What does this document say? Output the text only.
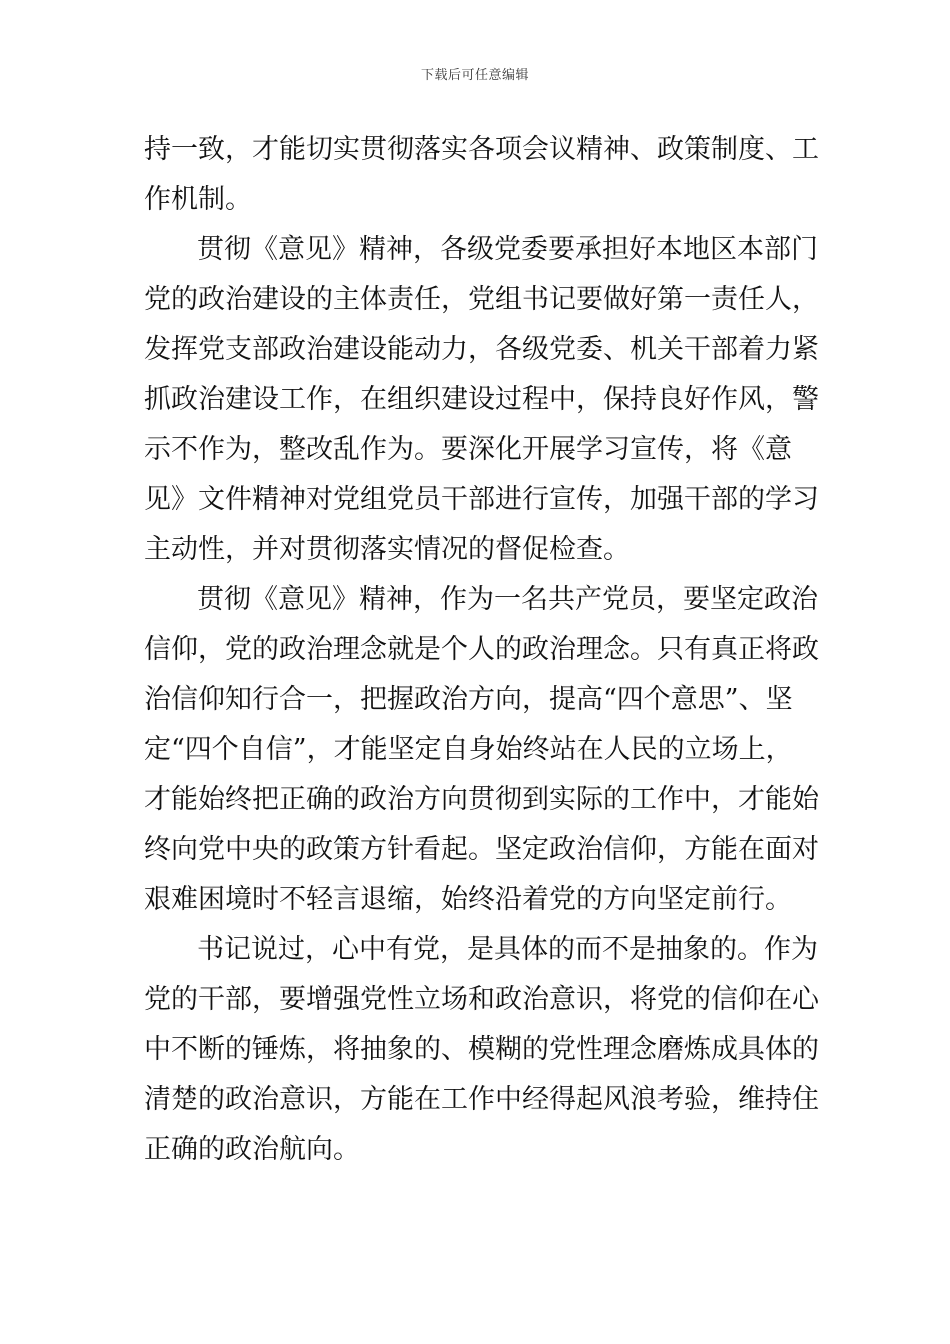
下载后可任意编辑
持一致，才能切实贯彻落实各项会议精神、政策制度、工
作机制。
贯彻《意见》精神，各级党委要承担好本地区本部门
党的政治建设的主体责任，党组书记要做好第一责任人，
发挥党支部政治建设能动力，各级党委、机关干部着力紧
抓政治建设工作，在组织建设过程中，保持良好作风，警
示不作为，整改乱作为。要深化开展学习宣传，将《意
见》文件精神对党组党员干部进行宣传，加强干部的学习
主动性，并对贯彻落实情况的督促检查。
贯彻《意见》精神，作为一名共产党员，要坚定政治
信仰，党的政治理念就是个人的政治理念。只有真正将政
治信仰知行合一，把握政治方向，提高“四个意思”、坚
定“四个自信”，才能坚定自身始终站在人民的立场上，
才能始终把正确的政治方向贯彻到实际的工作中，才能始
终向党中央的政策方针看起。坚定政治信仰，方能在面对
艰难困境时不轻言退缩，始终沿着党的方向坚定前行。
书记说过，心中有党，是具体的而不是抽象的。作为
党的干部，要增强党性立场和政治意识，将党的信仰在心
中不断的锤炼，将抽象的、模糊的党性理念磨炼成具体的
清楚的政治意识，方能在工作中经得起风浪考验，维持住
正确的政治航向。
